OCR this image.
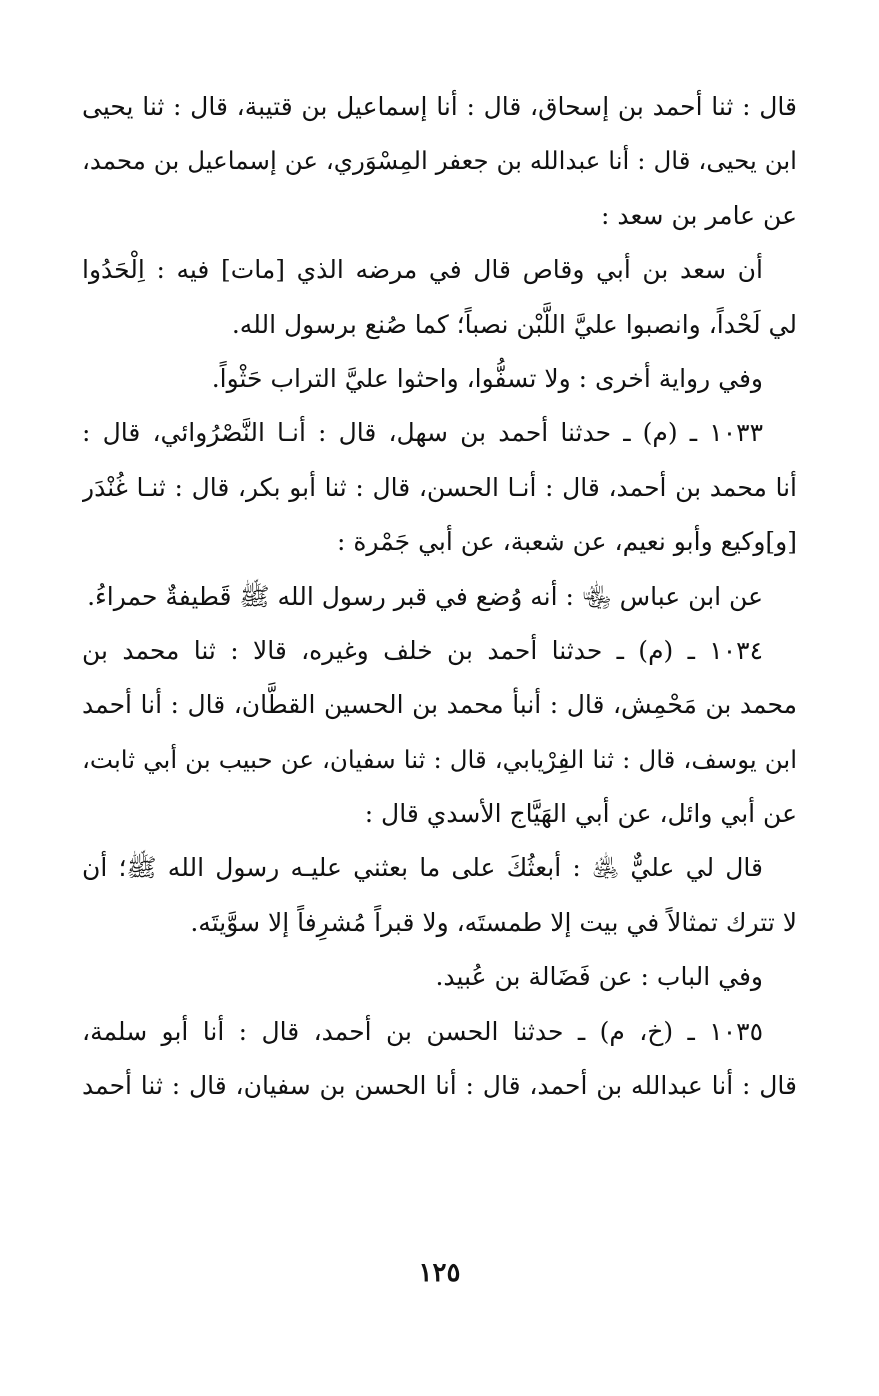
قال : ثنا أحمد بن إسحاق، قال : أنا إسماعيل بن قتيبة، قال : ثنا يحيى
ابن يحيى، قال : أنا عبدالله بن جعفر المِسْوَري، عن إسماعيل بن محمد،
عن عامر بن سعد :
أن سعد بن أبي وقاص قال في مرضه الذي [مات] فيه : اِلْحَدُوا
لي لَحْداً، وانصبوا عليَّ اللَّبْن نصباً؛ كما صُنع برسول الله.
وفي رواية أخرى : ولا تسفُّوا، واحثوا عليَّ التراب حَثْواً.
١٠٣٣ ـ (م) ـ حدثنا أحمد بن سهل، قال : أنـا النَّصْرُوائي، قال :
أنا محمد بن أحمد، قال : أنـا الحسن، قال : ثنا أبو بكر، قال : ثنـا غُنْدَر
[و]وكيع وأبو نعيم، عن شعبة، عن أبي جَمْرة :
عن ابن عباس ﵄ : أنه وُضع في قبر رسول الله ﷺ قَطيفةٌ حمراءُ.
١٠٣٤ ـ (م) ـ حدثنا أحمد بن خلف وغيره، قالا : ثنا محمد بن
محمد بن مَحْمِش، قال : أنبأ محمد بن الحسين القطَّان، قال : أنا أحمد
ابن يوسف، قال : ثنا الفِرْيابي، قال : ثنا سفيان، عن حبيب بن أبي ثابت،
عن أبي وائل، عن أبي الهَيَّاج الأسدي قال :
قال لي عليٌّ ﵁ : أبعثُكَ على ما بعثني عليـه رسول الله ﷺ؛ أن
لا تترك تمثالاً في بيت إلا طمستَه، ولا قبراً مُشرِفاً إلا سوَّيتَه.
وفي الباب : عن فَضَالة بن عُبيد.
١٠٣٥ ـ (خ، م) ـ حدثنا الحسن بن أحمد، قال : أنا أبو سلمة،
قال : أنا عبدالله بن أحمد، قال : أنا الحسن بن سفيان، قال : ثنا أحمد
١٢٥
